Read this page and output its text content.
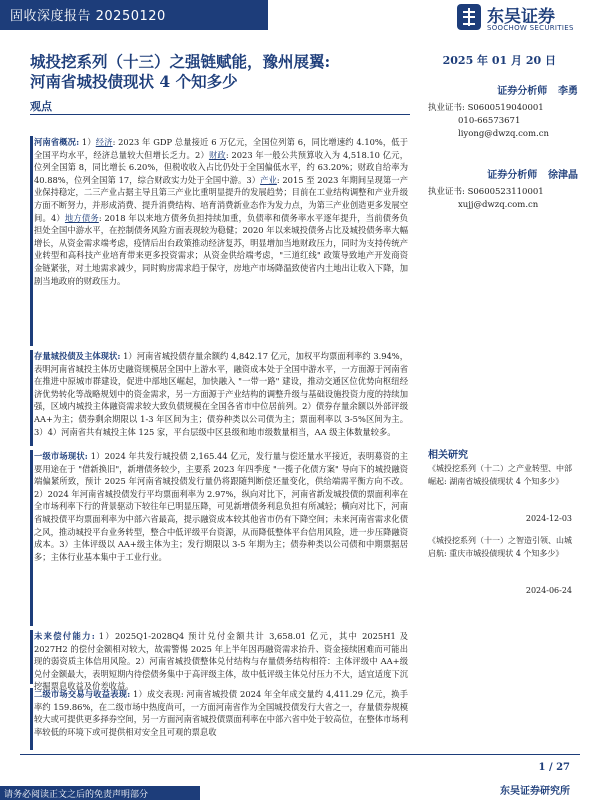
固收深度报告 20250120	东吴证券
SOOCHOW SECURITIES
城投挖系列（十三）之强链赋能，豫州展翼:
河南省城投债现状 4 个知多少
2025 年 01 月 20 日
观点
河南省概况: 1）经济: 2023 年 GDP 总量接近 6 万亿元，全国位列第 6，同比增速约 4.10%，低于全国平均水平，经济总量较大但增长乏力。2）财政: 2023 年一般公共预算收入为 4,518.10 亿元，位列全国第 8，同比增长 6.20%，但税收收入占比仍处于全国偏低水平，约 63.20%；财政自给率为 40.88%，位列全国第 17，综合财政实力处于全国中游。3）产业: 2015 至 2023 年期间呈现第一产业保持稳定，二三产业占据主导且第三产业比重明显提升的发展趋势；目前在工业结构调整和产业升级方面不断努力，并形成消费、提升消费结构、培育消费新业态作为发力点，为第三产业创造更多发展空间。4）地方债务: 2018 年以来地方债务负担持续加重，负债率和债务率水平逐年提升，当前债务负担处全国中游水平，在控制债务风险方面表现较为稳健；2020 年以来城投债务占比及城投债务率大幅增长，从资金需求端考虑，疫情后出台政策推动经济复苏，明显增加当地财政压力，同时为支持传统产业转型和高科技产业培育带来更多投资需求；从资金供给端考虑，"三道红线" 政策导致地产开发商资金链紧张，对土地需求减少，同时购房需求趋于保守，房地产市场降温致使省内土地出让收入下降，加剧当地政府的财政压力。
存量城投债及主体现状: 1）河南省城投债存量余额约 4,842.17 亿元，加权平均票面利率约 3.94%，表明河南省城投主体历史融资规模居全国中上游水平，融资成本处于全国中游水平，一方面源于河南省在推进中原城市群建设，促进中部地区崛起，加快融入 "一带一路" 建设，推动交通区位优势向枢纽经济优势转化等战略规划中的资金需求，另一方面源于产业结构的调整升级与基础设施投资力度的持续加强，区域内城投主体融资需求较大致负债规模在全国各省市中位居前列。2）债券存量余额以外部评级 AA+为主；债券剩余期限以 1-3 年区间为主；债券种类以公司债为主；票面利率以 3-5%区间为主。3）4）河南省共有城投主体 125 家，平台层级中区县级和地市级数量相当，AA 级主体数量较多。
一级市场现状: 1）2024 年共发行城投债 2,165.44 亿元，发行量与偿还量水平接近，表明募资的主要用途在于 "借新换旧"，新增债务较少，主要系 2023 年四季度 "一揽子化债方案" 导向下的城投融资端偏紧所致，预计 2025 年河南省城投债发行量仍将跟随判断偿还量变化，供给端需平衡方向不改。2）2024 年河南省城投债发行平均票面利率为 2.97%，纵向对比下，河南省新发城投债的票面利率在全市场利率下行的背景驱动下较往年已明显压降，可见新增债务利息负担有所减轻；横向对比下，河南省城投债平均票面利率为中部六省最高，提示融资成本较其他省市仍有下降空间；未来河南省需求化债之风，推动城投平台业务转型，整合中低评级平台资源，从而降低整体平台信用风险，进一步压降融资成本。3）主体评级以 AA+级主体为主；发行期限以 3-5 年期为主；债券种类以公司债和中期票据居多；主体行业基本集中于工业行业。
未来偿付能力: 1）2025Q1-2028Q4 预计兑付金额共计 3,658.01 亿元，其中 2025H1 及 2027H2 的偿付金额相对较大，故需警惕 2025 年上半年因再融资需求抬升、资金接续困难而可能出现的弱资质主体信用风险。2）河南省城投债整体兑付结构与存量债务结构相符：主体评级中 AA+级兑付金额最大，表明短期内待偿债务集中于高评级主体，故中低评级主体兑付压力不大，适宜适度下沉挖掘票息收益及价差收益。
二级市场交易与收益表现: 1）成交表现: 河南省城投债 2024 年全年成交量约 4,411.29 亿元，换手率约 159.86%，在二级市场中热度尚可，一方面河南省作为全国城投债发行大省之一，存量债券规模较大或可提供更多择券空间，另一方面河南省城投债票面利率在中部六省中处于较高位，在整体市场利率较低的环境下或可提供相对安全且可观的票息收
证券分析师 李勇
执业证书: S0600519040001
010-66573671
liyong@dwzq.com.cn
证券分析师 徐津晶
执业证书: S0600523110001
xujj@dwzq.com.cn
相关研究
《城投挖系列（十二）之产业转型、中部崛起: 湖南省城投债现状 4 个知多少》
2024-12-03
《城投挖系列（十一）之智造引领、山城启航: 重庆市城投债现状 4 个知多少》
2024-06-24
1 / 27
东吴证券研究所
请务必阅读正文之后的免责声明部分
